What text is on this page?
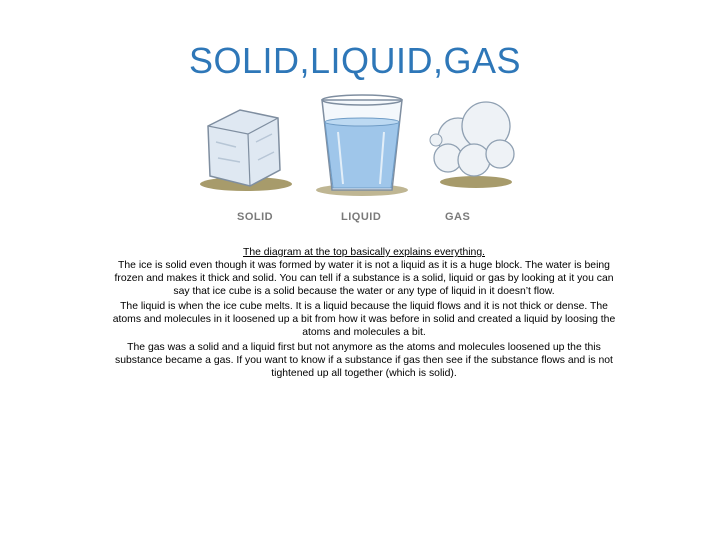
SOLID,LIQUID,GAS
SOLID	LIQUID	GAS

The diagram at the top basically explains everything.

The ice is solid even though it was formed by water it is not a liquid as it is a huge block. The water is being frozen and makes it thick and solid. You can tell if a substance is a solid, liquid or gas by looking at it you can say that ice cube is a solid because the water or any type of liquid in it doesn’t flow.

The liquid is when the ice cube melts. It is a liquid because the liquid flows and it is not thick or dense. The atoms and molecules in it loosened up a bit from how it was before in solid and created a liquid by loosing the atoms and molecules a bit.

The gas was a solid and a liquid first but not anymore as the atoms and molecules loosened up the this substance became a gas. If you want to know if a substance if gas then see if the substance flows and is not tightened up all together (which is solid).
